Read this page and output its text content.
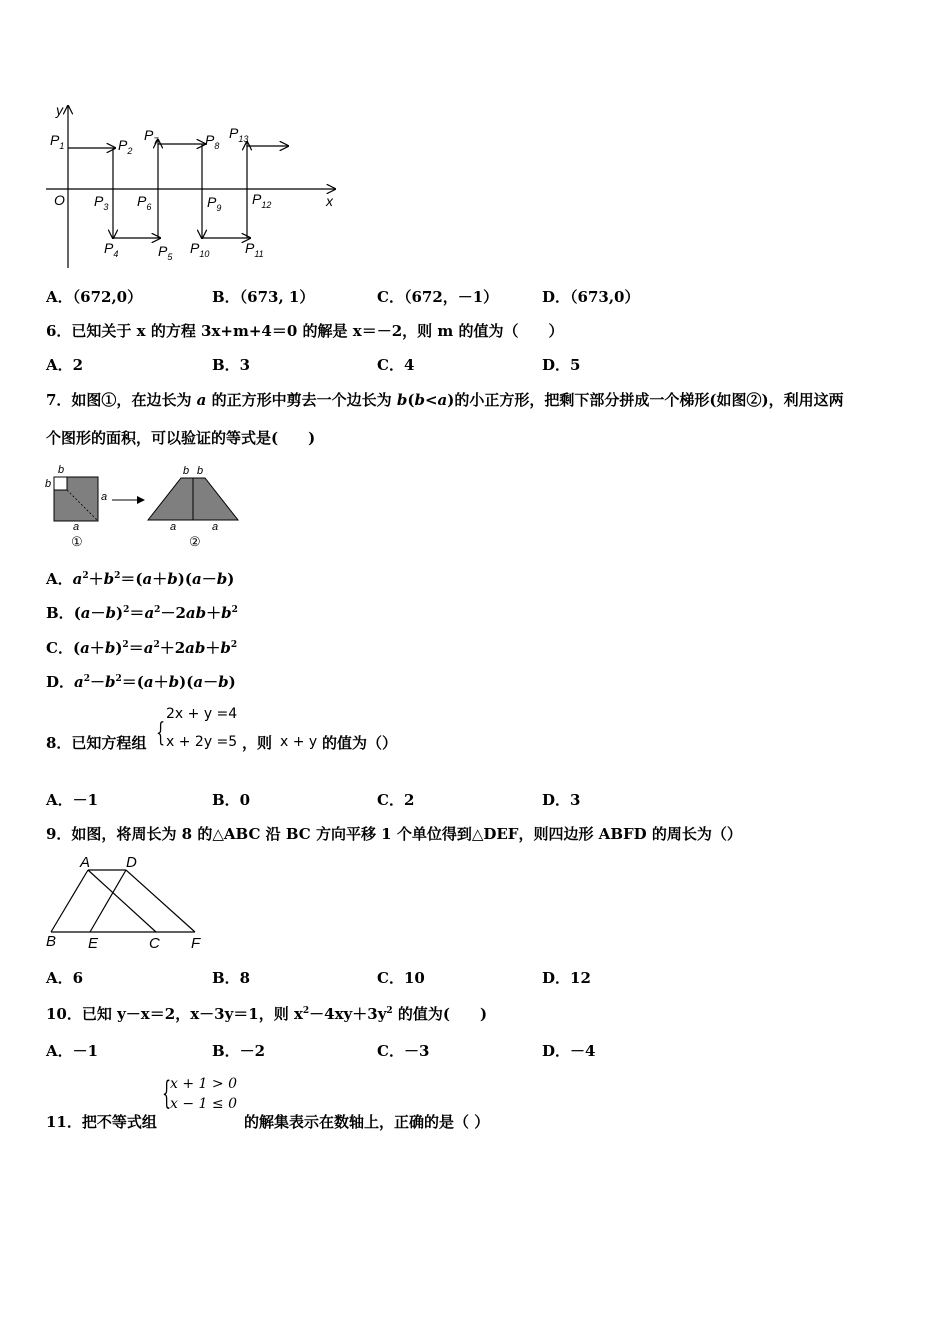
y
x
O
$P_1$	$P_2$
$P_3$
$P_4$	$P_5$
$P_6$
$P_7$	$P_8$
$P_9$
$P_{10}$	$P_{11}$
$P_{12}$
$P_{13}$
A．（672,0）	B．（673, 1）	C．（672，－1）	D．（673,0）
6．已知关于 x 的方程 3x+m+4＝0 的解是 x＝－2，则 m 的值为（　　）
A．2	B．3	C．4	D．5
7．如图①，在边长为 a 的正方形中剪去一个边长为 b(b<a)的小正方形，把剩下部分拼成一个梯形(如图②)，利用这两
个图形的面积，可以验证的等式是(　　)
b
b
a
a
b b
a	a
①	②
A．$a^2+b^2=(a+b)(a-b)$
B．$(a-b)^2=a^2-2ab+b^2$
C．$(a+b)^2=a^2+2ab+b^2$
D．$a^2-b^2=(a+b)(a-b)$
8．已知方程组 {
2x + y =4
x + 2y =5 ，则 x + y 的值为（）
A．－1	B．0	C．2	D．3
9．如图，将周长为 8 的△ABC 沿 BC 方向平移 1 个单位得到△DEF，则四边形 ABFD 的周长为（）
A D
B E	C F
A．6	B．8	C．10	D．12
10．已知 y－x＝2，x－3y＝1，则 $x^2-4xy+3y^2$ 的值为(　　)
A．－1	B．－2	C．－3	D．－4
11．把不等式组
{
x + 1 > 0
x − 1 ≤ 0
的解集表示在数轴上，正确的是（ ）
